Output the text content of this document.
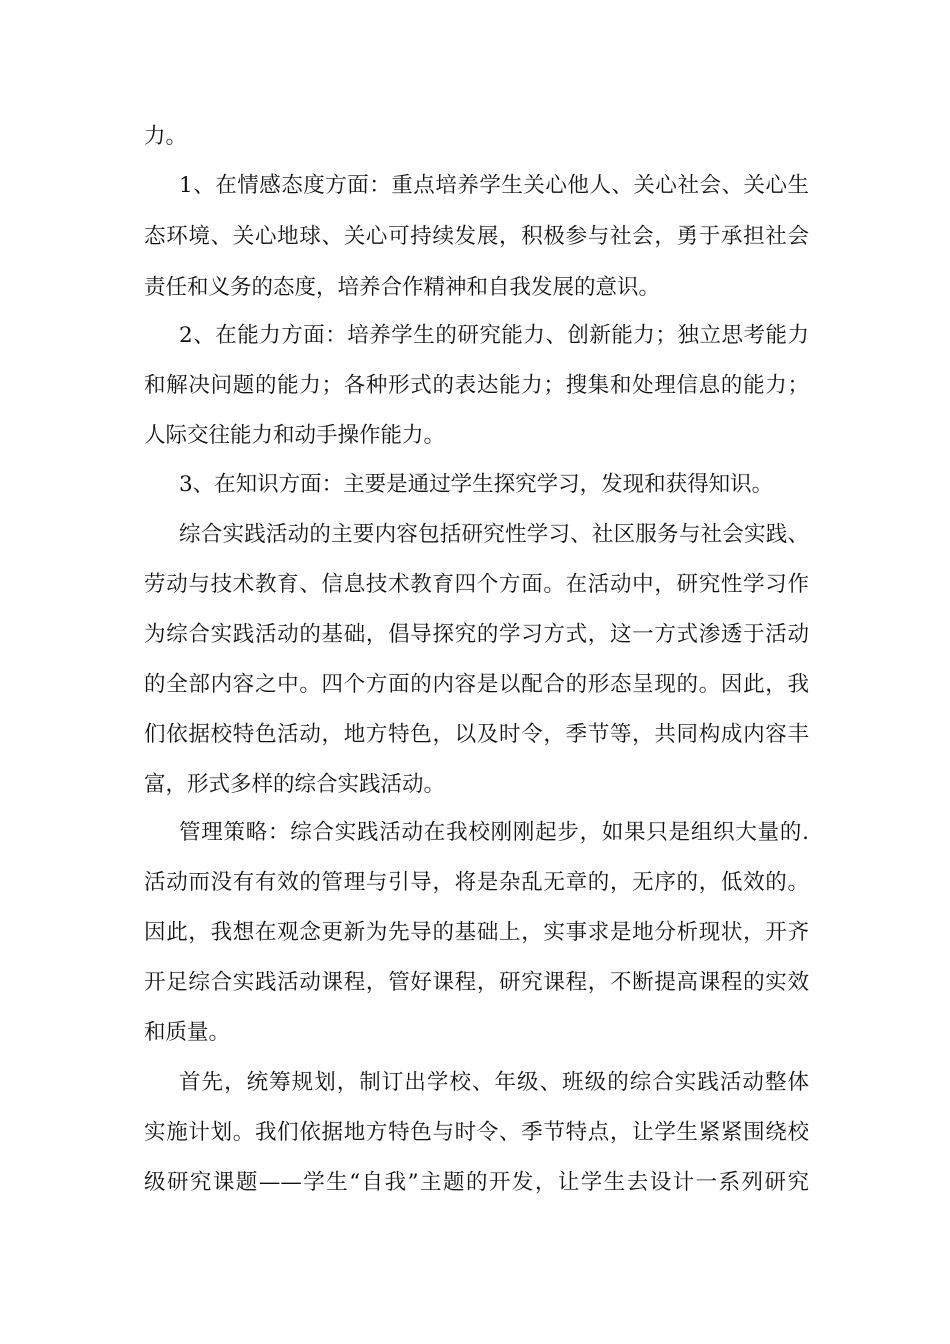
力。
1、在情感态度方面：重点培养学生关心他人、关心社会、关心生
态环境、关心地球、关心可持续发展，积极参与社会，勇于承担社会
责任和义务的态度，培养合作精神和自我发展的意识。
2、在能力方面：培养学生的研究能力、创新能力；独立思考能力
和解决问题的能力；各种形式的表达能力；搜集和处理信息的能力；
人际交往能力和动手操作能力。
3、在知识方面：主要是通过学生探究学习，发现和获得知识。
综合实践活动的主要内容包括研究性学习、社区服务与社会实践、
劳动与技术教育、信息技术教育四个方面。在活动中，研究性学习作
为综合实践活动的基础，倡导探究的学习方式，这一方式渗透于活动
的全部内容之中。四个方面的内容是以配合的形态呈现的。因此，我
们依据校特色活动，地方特色，以及时令，季节等，共同构成内容丰
富，形式多样的综合实践活动。
管理策略：综合实践活动在我校刚刚起步，如果只是组织大量的.
活动而没有有效的管理与引导，将是杂乱无章的，无序的，低效的。
因此，我想在观念更新为先导的基础上，实事求是地分析现状，开齐
开足综合实践活动课程，管好课程，研究课程，不断提高课程的实效
和质量。
首先，统筹规划，制订出学校、年级、班级的综合实践活动整体
实施计划。我们依据地方特色与时令、季节特点，让学生紧紧围绕校
级研究课题——学生“自我”主题的开发，让学生去设计一系列研究
